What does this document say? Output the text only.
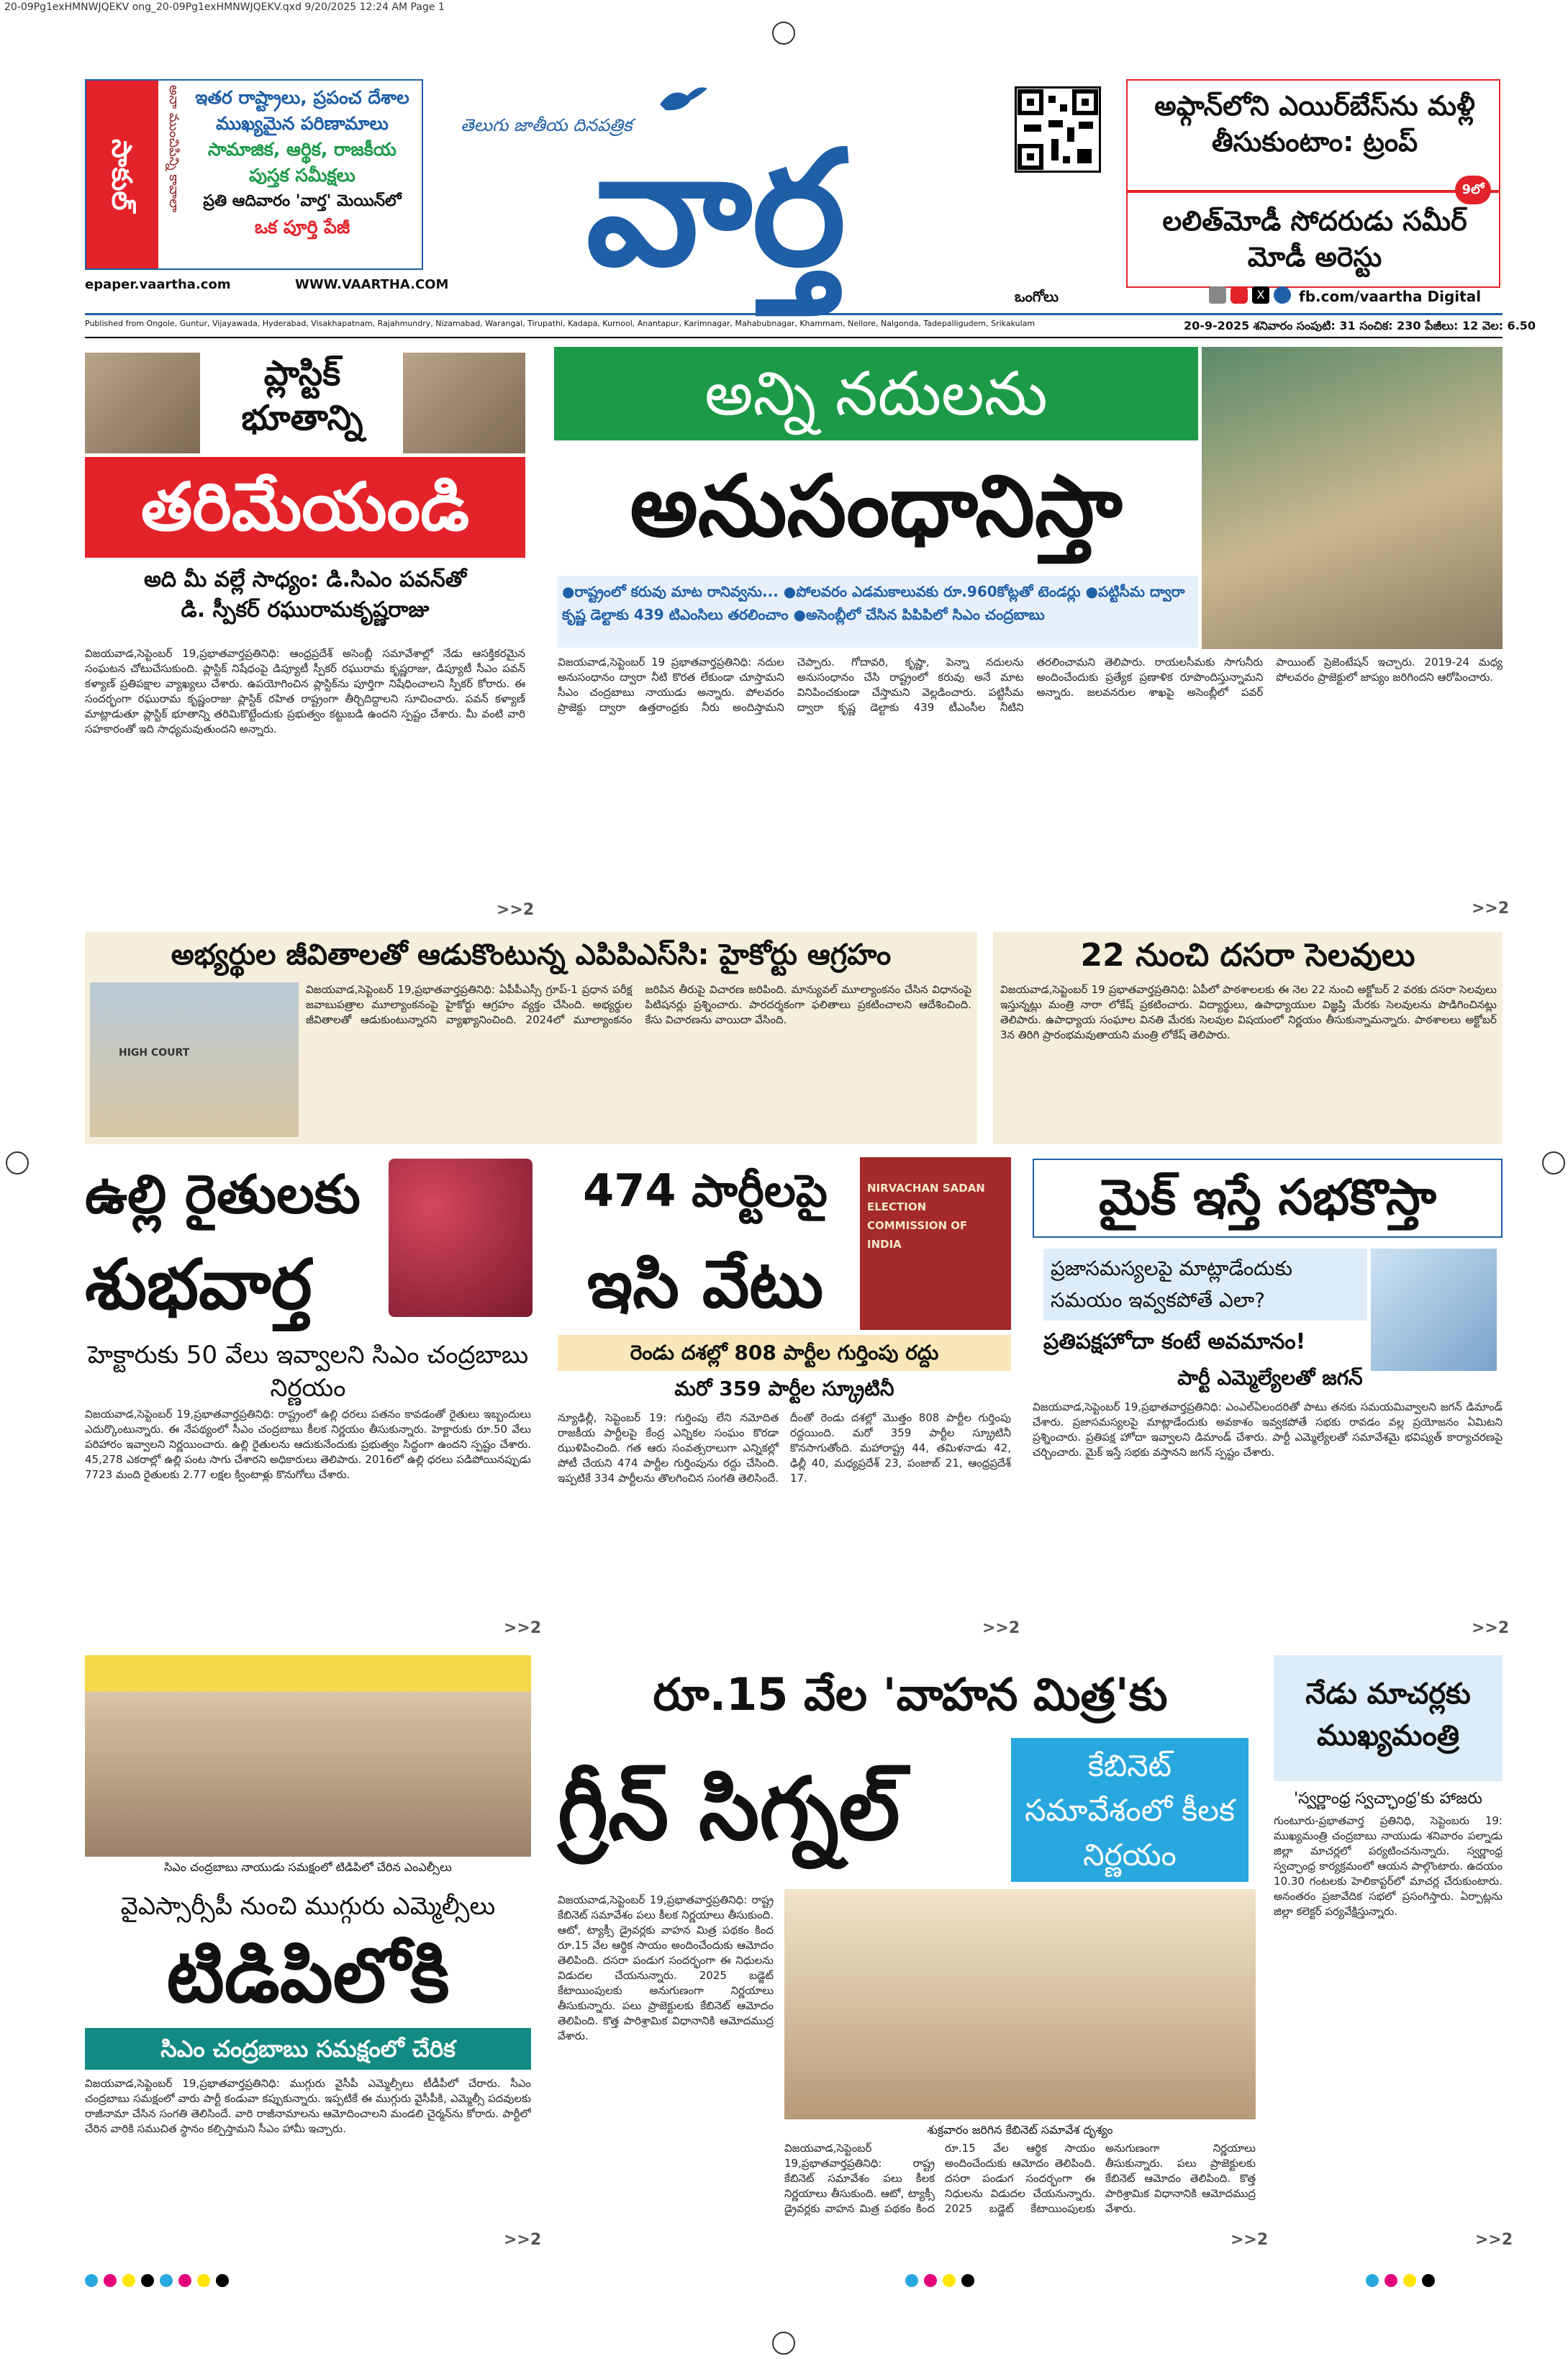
20-09Pg1exHMNWJQEKV ong_20-09Pg1exHMNWJQEKV.qxd 9/20/2025 12:24 AM Page 1
సాకుల్	అనా ముంచిపిన్ని కావాలా ఇతర రాష్ట్రాలు, ప్రపంచ దేశాల
ముఖ్యమైన పరిణామాలు
సామాజిక, ఆర్థిక, రాజకీయ
పుస్తక సమీక్షలు
ప్రతి ఆదివారం 'వార్త' మెయిన్‌లో
ఒక పూర్తి పేజీ
epaper.vaartha.com	WWW.VAARTHA.COM
తెలుగు జాతీయ దినపత్రిక
వార్త
అఫ్గాన్‌లోని ఎయిర్‌బేస్‌ను మళ్లీ తీసుకుంటాం: ట్రంప్
9లో
లలిత్‌మోడీ సోదరుడు సమీర్ మోడీ అరెస్టు
ఒంగోలు	X	fb.com/vaartha Digital
Published from Ongole, Guntur, Vijayawada, Hyderabad, Visakhapatnam, Rajahmundry, Nizamabad, Warangal, Tirupathi, Kadapa, Kurnool, Anantapur, Karimnagar, Mahabubnagar, Khammam, Nellore, Nalgonda, Tadepalligudem, Srikakulam	20-9-2025 శనివారం సంపుటి: 31 సంచిక: 230 పేజీలు: 12 వెల: 6.50
ప్లాస్టిక్
భూతాన్ని
తరిమేయండి
అది మీ వల్లే సాధ్యం: డి.సిఎం పవన్‌తో
డి. స్పీకర్ రఘురామకృష్ణరాజు
విజయవాడ,సెప్టెంబర్ 19,ప్రభాతవార్తప్రతినిధి: ఆంధ్రప్రదేశ్ అసెంబ్లీ సమావేశాల్లో నేడు ఆసక్తికరమైన సంఘటన చోటుచేసుకుంది. ప్లాస్టిక్ నిషేధంపై డిప్యూటీ స్పీకర్ రఘురామ కృష్ణరాజు, డిప్యూటీ సీఎం పవన్ కళ్యాణ్ ప్రతిపక్షాల వ్యాఖ్యలు చేశారు. ఉపయోగించిన ప్లాస్టిక్‌ను పూర్తిగా నిషేధించాలని స్పీకర్ కోరారు. ఈ సందర్భంగా రఘురామ కృష్ణంరాజు ప్లాస్టిక్ రహిత రాష్ట్రంగా తీర్చిదిద్దాలని సూచించారు. పవన్ కళ్యాణ్ మాట్లాడుతూ ప్లాస్టిక్ భూతాన్ని తరిమికొట్టేందుకు ప్రభుత్వం కట్టుబడి ఉందని స్పష్టం చేశారు. మీ వంటి వారి సహకారంతో ఇది సాధ్యమవుతుందని అన్నారు.
>>2
అన్ని నదులను
అనుసంధానిస్తా
●రాష్ట్రంలో కరువు మాట రానివ్వను... ●పోలవరం ఎడమకాలువకు రూ.960కోట్లతో టెండర్లు ●పట్టిసీమ ద్వారా కృష్ణ డెల్టాకు 439 టిఎంసిలు తరలించాం ●అసెంబ్లీలో చేసిన పిపిపిలో సిఎం చంద్రబాబు
విజయవాడ,సెప్టెంబర్ 19 ప్రభాతవార్తప్రతినిధి: నదుల అనుసంధానం ద్వారా నీటి కొరత లేకుండా చూస్తామని సీఎం చంద్రబాబు నాయుడు అన్నారు. పోలవరం ప్రాజెక్టు ద్వారా ఉత్తరాంధ్రకు నీరు అందిస్తామని చెప్పారు. గోదావరి, కృష్ణా, పెన్నా నదులను అనుసంధానం చేసి రాష్ట్రంలో కరువు అనే మాట వినిపించకుండా చేస్తామని వెల్లడించారు. పట్టిసీమ ద్వారా కృష్ణ డెల్టాకు 439 టీఎంసీల నీటిని తరలించామని తెలిపారు. రాయలసీమకు సాగునీరు అందించేందుకు ప్రత్యేక ప్రణాళిక రూపొందిస్తున్నామని అన్నారు. జలవనరుల శాఖపై అసెంబ్లీలో పవర్ పాయింట్ ప్రెజెంటేషన్ ఇచ్చారు. 2019-24 మధ్య పోలవరం ప్రాజెక్టులో జాప్యం జరిగిందని ఆరోపించారు.
>>2
అభ్యర్థుల జీవితాలతో ఆడుకొంటున్న ఎపిపిఎస్‌సి: హైకోర్టు ఆగ్రహం
HIGH COURT
విజయవాడ,సెప్టెంబర్ 19,ప్రభాతవార్తప్రతినిధి: ఏపీపీఎస్సీ గ్రూప్-1 ప్రధాన పరీక్ష జవాబుపత్రాల మూల్యాంకనంపై హైకోర్టు ఆగ్రహం వ్యక్తం చేసింది. అభ్యర్థుల జీవితాలతో ఆడుకుంటున్నారని వ్యాఖ్యానించింది. 2024లో మూల్యాంకనం జరిపిన తీరుపై విచారణ జరిపింది. మాన్యువల్ మూల్యాంకనం చేసిన విధానంపై పిటిషనర్లు ప్రశ్నించారు. పారదర్శకంగా ఫలితాలు ప్రకటించాలని ఆదేశించింది. కేసు విచారణను వాయిదా వేసింది.
22 నుంచి దసరా సెలవులు
విజయవాడ,సెప్టెంబర్ 19 ప్రభాతవార్తప్రతినిధి: ఏపీలో పాఠశాలలకు ఈ నెల 22 నుంచి అక్టోబర్ 2 వరకు దసరా సెలవులు ఇస్తున్నట్లు మంత్రి నారా లోకేష్ ప్రకటించారు. విద్యార్థులు, ఉపాధ్యాయుల విజ్ఞప్తి మేరకు సెలవులను పొడిగించినట్లు తెలిపారు. ఉపాధ్యాయ సంఘాల వినతి మేరకు సెలవుల విషయంలో నిర్ణయం తీసుకున్నామన్నారు. పాఠశాలలు అక్టోబర్ 3న తిరిగి ప్రారంభమవుతాయని మంత్రి లోకేష్ తెలిపారు.
ఉల్లి రైతులకు
శుభవార్త
హెక్టారుకు 50 వేలు ఇవ్వాలని సిఎం చంద్రబాబు నిర్ణయం
విజయవాడ,సెప్టెంబర్ 19,ప్రభాతవార్తప్రతినిధి: రాష్ట్రంలో ఉల్లి ధరలు పతనం కావడంతో రైతులు ఇబ్బందులు ఎదుర్కొంటున్నారు. ఈ నేపథ్యంలో సీఎం చంద్రబాబు కీలక నిర్ణయం తీసుకున్నారు. హెక్టారుకు రూ.50 వేలు పరిహారం ఇవ్వాలని నిర్ణయించారు. ఉల్లి రైతులను ఆదుకునేందుకు ప్రభుత్వం సిద్ధంగా ఉందని స్పష్టం చేశారు. 45,278 ఎకరాల్లో ఉల్లి పంట సాగు చేశారని అధికారులు తెలిపారు. 2016లో ఉల్లి ధరలు పడిపోయినప్పుడు 7723 మంది రైతులకు 2.77 లక్షల క్వింటాళ్లు కొనుగోలు చేశారు.
>>2
474 పార్టీలపై
ఇసి వేటు
NIRVACHAN SADAN
ELECTION COMMISSION OF INDIA
రెండు దశల్లో 808 పార్టీల గుర్తింపు రద్దు
మరో 359 పార్టీల స్క్రూటినీ
న్యూఢిల్లీ, సెప్టెంబర్ 19: గుర్తింపు లేని నమోదిత రాజకీయ పార్టీలపై కేంద్ర ఎన్నికల సంఘం కొరడా ఝుళిపించింది. గత ఆరు సంవత్సరాలుగా ఎన్నికల్లో పోటీ చేయని 474 పార్టీల గుర్తింపును రద్దు చేసింది. ఇప్పటికే 334 పార్టీలను తొలగించిన సంగతి తెలిసిందే. దీంతో రెండు దశల్లో మొత్తం 808 పార్టీల గుర్తింపు రద్దయింది. మరో 359 పార్టీల స్క్రూటినీ కొనసాగుతోంది. మహారాష్ట్ర 44, తమిళనాడు 42, ఢిల్లీ 40, మధ్యప్రదేశ్ 23, పంజాబ్ 21, ఆంధ్రప్రదేశ్ 17.
>>2
మైక్ ఇస్తే సభకొస్తా
ప్రజాసమస్యలపై మాట్లాడేందుకు సమయం ఇవ్వకపోతే ఎలా?
ప్రతిపక్షహోదా కంటే అవమానం!
పార్టీ ఎమ్మెల్యేలతో జగన్
విజయవాడ,సెప్టెంబర్ 19,ప్రభాతవార్తప్రతినిధి: ఎంఎల్‌ఏలందరితో పాటు తనకు సమయమివ్వాలని జగన్ డిమాండ్ చేశారు. ప్రజాసమస్యలపై మాట్లాడేందుకు అవకాశం ఇవ్వకపోతే సభకు రావడం వల్ల ప్రయోజనం ఏమిటని ప్రశ్నించారు. ప్రతిపక్ష హోదా ఇవ్వాలని డిమాండ్ చేశారు. పార్టీ ఎమ్మెల్యేలతో సమావేశమై భవిష్యత్ కార్యాచరణపై చర్చించారు. మైక్ ఇస్తే సభకు వస్తానని జగన్ స్పష్టం చేశారు.
>>2
సిఎం చంద్రబాబు నాయుడు సమక్షంలో టిడిపిలో చేరిన ఎంఎల్సీలు
వైఎస్సార్సీపీ నుంచి ముగ్గురు ఎమ్మెల్సీలు
టిడిపిలోకి
సిఎం చంద్రబాబు సమక్షంలో చేరిక
విజయవాడ,సెప్టెంబర్ 19,ప్రభాతవార్తప్రతినిధి: ముగ్గురు వైసీపీ ఎమ్మెల్సీలు టీడీపీలో చేరారు. సీఎం చంద్రబాబు సమక్షంలో వారు పార్టీ కండువా కప్పుకున్నారు. ఇప్పటికే ఈ ముగ్గురు వైసీపీకి, ఎమ్మెల్సీ పదవులకు రాజీనామా చేసిన సంగతి తెలిసిందే. వారి రాజీనామాలను ఆమోదించాలని మండలి చైర్మన్‌ను కోరారు. పార్టీలో చేరిన వారికి సముచిత స్థానం కల్పిస్తామని సీఎం హామీ ఇచ్చారు.
>>2
రూ.15 వేల 'వాహన మిత్ర'కు
గ్రీన్ సిగ్నల్	కేబినెట్ సమావేశంలో కీలక నిర్ణయం
విజయవాడ,సెప్టెంబర్ 19,ప్రభాతవార్తప్రతినిధి: రాష్ట్ర కేబినెట్ సమావేశం పలు కీలక నిర్ణయాలు తీసుకుంది. ఆటో, ట్యాక్సీ డ్రైవర్లకు వాహన మిత్ర పథకం కింద రూ.15 వేల ఆర్థిక సాయం అందించేందుకు ఆమోదం తెలిపింది. దసరా పండుగ సందర్భంగా ఈ నిధులను విడుదల చేయనున్నారు. 2025 బడ్జెట్ కేటాయింపులకు అనుగుణంగా నిర్ణయాలు తీసుకున్నారు. పలు ప్రాజెక్టులకు కేబినెట్ ఆమోదం తెలిపింది. కొత్త పారిశ్రామిక విధానానికి ఆమోదముద్ర వేశారు.
శుక్రవారం జరిగిన కేబినెట్ సమావేశ దృశ్యం
విజయవాడ,సెప్టెంబర్ 19,ప్రభాతవార్తప్రతినిధి: రాష్ట్ర కేబినెట్ సమావేశం పలు కీలక నిర్ణయాలు తీసుకుంది. ఆటో, ట్యాక్సీ డ్రైవర్లకు వాహన మిత్ర పథకం కింద రూ.15 వేల ఆర్థిక సాయం అందించేందుకు ఆమోదం తెలిపింది. దసరా పండుగ సందర్భంగా ఈ నిధులను విడుదల చేయనున్నారు. 2025 బడ్జెట్ కేటాయింపులకు అనుగుణంగా నిర్ణయాలు తీసుకున్నారు. పలు ప్రాజెక్టులకు కేబినెట్ ఆమోదం తెలిపింది. కొత్త పారిశ్రామిక విధానానికి ఆమోదముద్ర వేశారు.
>>2
నేడు మాచర్లకు ముఖ్యమంత్రి
'స్వర్ణాంధ్ర స్వచ్ఛాంధ్ర'కు హాజరు
గుంటూరు-ప్రభాతవార్త ప్రతినిధి, సెప్టెంబరు 19: ముఖ్యమంత్రి చంద్రబాబు నాయుడు శనివారం పల్నాడు జిల్లా మాచర్లలో పర్యటించనున్నారు. స్వర్ణాంధ్ర స్వచ్ఛాంధ్ర కార్యక్రమంలో ఆయన పాల్గొంటారు. ఉదయం 10.30 గంటలకు హెలికాప్టర్‌లో మాచర్ల చేరుకుంటారు. అనంతరం ప్రజావేదిక సభలో ప్రసంగిస్తారు. ఏర్పాట్లను జిల్లా కలెక్టర్ పర్యవేక్షిస్తున్నారు.
>>2
